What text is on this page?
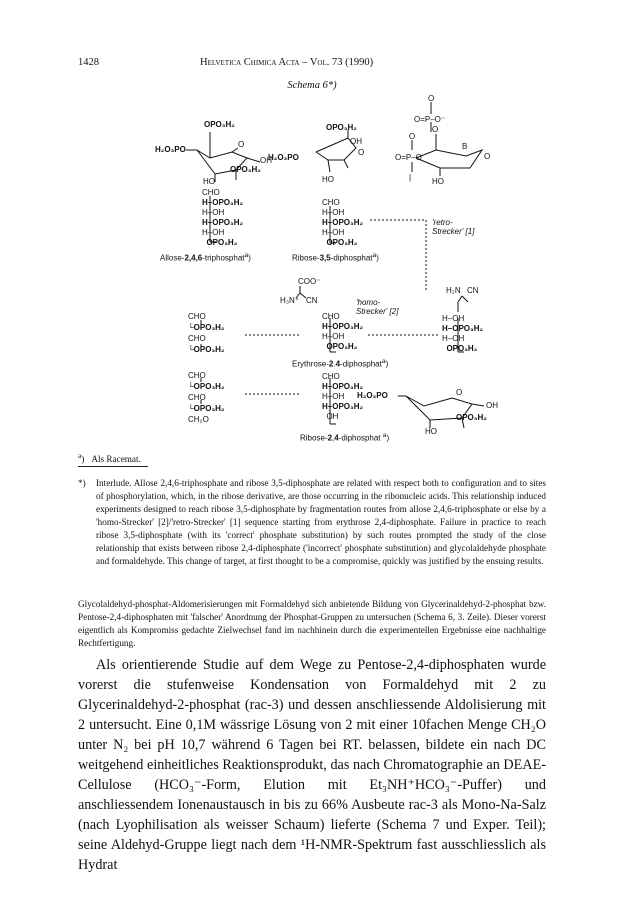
1428	Helvetica Chimica Acta – Vol. 73 (1990)
Schema 6*)
OPO₃H₂
H₂O₃PO
O
OH
OPO₃H₂
HO
OPO₃H₂
OH
H₂O₃PO
O
HO
O
O=P–O⁻
O
O
O=P–O
|
B
O
HO
CHO
H–OPO₃H₂
H–OH
H–OPO₃H₂
H–OH
OPO₃H₂
Allose-2,4,6-triphosphat$^a$)
CHO
H–OH
H–OPO₃H₂
H–OH
OPO₃H₂
Ribose-3,5-diphosphat$^a$)
'retro-
Strecker' [1]
COO⁻
H₃N⁺ CN	'homo-
Strecker' [2]
H₂N CN
CHO
└OPO₃H₂
CHO
└OPO₃H₂
CHO
H–OPO₃H₂
H–OH
OPO₃H₂
Erythrose-2.4-diphosphat$^a$)
H–OH
H–OPO₃H₂
H–OH
OPO₃H₂
CHO
└OPO₃H₂
CHO
└OPO₃H₂
CH₂O
CHO
H–OPO₃H₂
H–OH
H–OPO₃H₂
OH
Ribose-2,4-diphosphat $^a$)
H₂O₃PO	O
OH
OPO₃H₂
HO
$^a$)   Als Racemat.
*)	Interlude. Allose 2,4,6-triphosphate and ribose 3,5-diphosphate are related with respect both to configuration and to sites of phosphorylation, which, in the ribose derivative, are those occurring in the ribonucleic acids. This relationship induced experiments designed to reach ribose 3,5-diphosphate by fragmentation routes from allose 2,4,6-triphosphate or else by a 'homo-Strecker' [2]/'retro-Strecker' [1] sequence starting from erythrose 2,4-diphosphate. Failure in practice to reach ribose 3,5-diphosphate (with its 'correct' phosphate substitution) by such routes prompted the study of the close relationship that exists between ribose 2,4-diphosphate ('incorrect' phosphate substitution) and glycolaldehyde phosphate and formaldehyde. This change of target, at first thought to be a compromise, quickly was justified by the ensuing results.
Glycolaldehyd-phosphat-Aldomerisierungen mit Formaldehyd sich anbietende Bildung von Glycerinaldehyd-2-phosphat bzw. Pentose-2,4-diphosphaten mit 'falscher' Anordnung der Phosphat-Gruppen zu untersuchen (Schema 6, 3. Zeile). Dieser vorerst eigentlich als Kompromiss gedachte Zielwechsel fand im nachhinein durch die experimentellen Ergebnisse eine nachhaltige Rechtfertigung.
Als orientierende Studie auf dem Wege zu Pentose-2,4-diphosphaten wurde vorerst die stufenweise Kondensation von Formaldehyd mit 2 zu Glycerinaldehyd-2-phosphat (rac-3) und dessen anschliessende Aldolisierung mit 2 untersucht. Eine 0,1M wässrige Lösung von 2 mit einer 10fachen Menge CH₂O unter N₂ bei pH 10,7 während 6 Tagen bei RT. belassen, bildete ein nach DC weitgehend einheitliches Reaktionsprodukt, das nach Chromatographie an DEAE-Cellulose (HCO₃⁻-Form, Elution mit Et₃NH⁺HCO₃⁻-Puffer) und anschliessendem Ionenaustausch in bis zu 66% Ausbeute rac-3 als Mono-Na-Salz (nach Lyophilisation als weisser Schaum) lieferte (Schema 7 und Exper. Teil); seine Aldehyd-Gruppe liegt nach dem ¹H-NMR-Spektrum fast ausschliesslich als Hydrat
